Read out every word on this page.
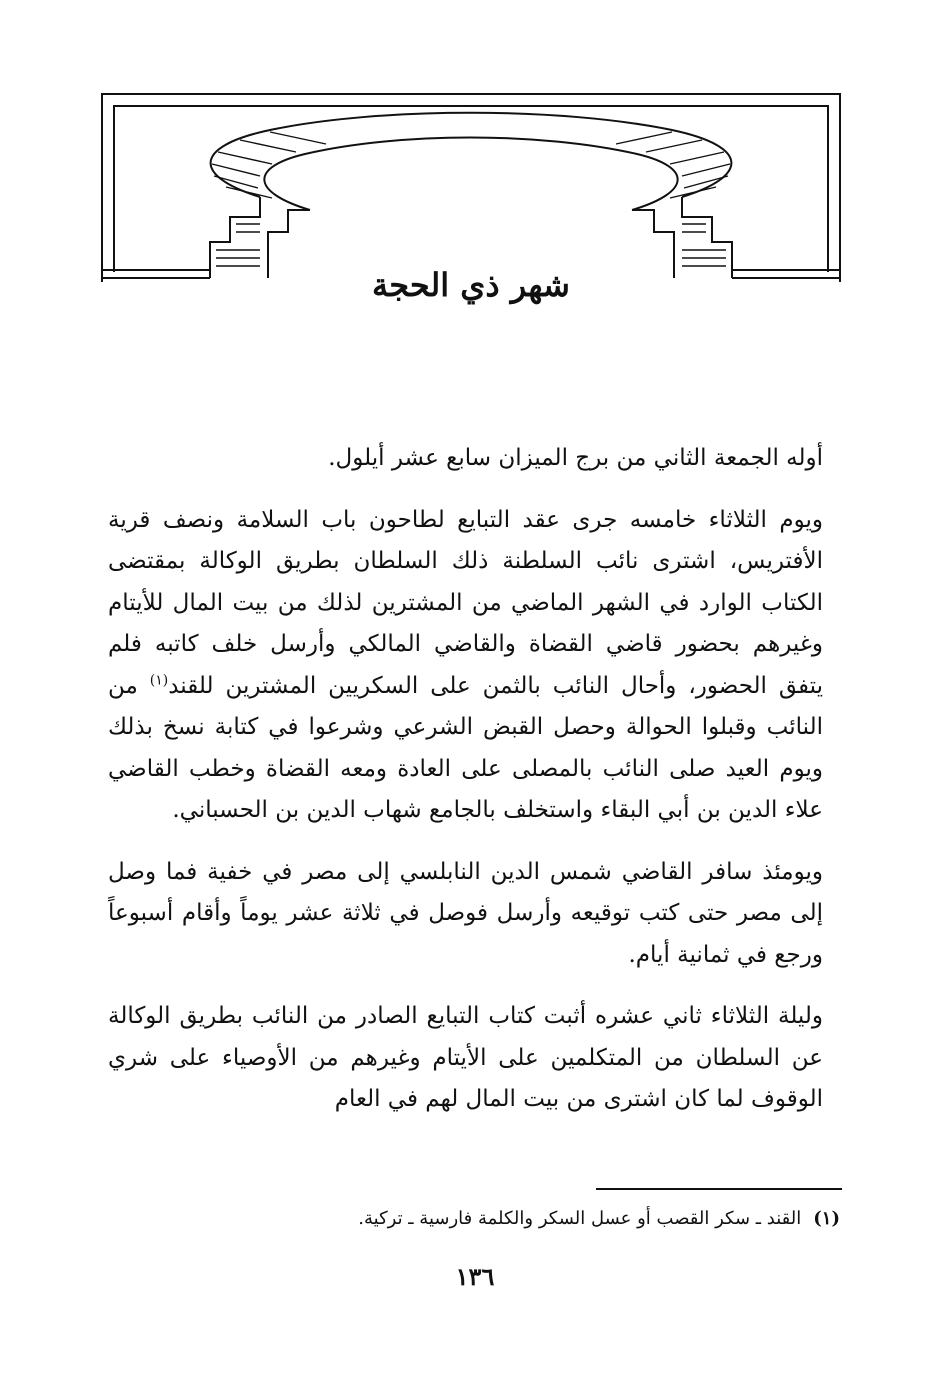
شهر ذي الحجة

أوله الجمعة الثاني من برج الميزان سابع عشر أيلول.

ويوم الثلاثاء خامسه جرى عقد التبايع لطاحون باب السلامة ونصف قرية الأفتريس، اشترى نائب السلطنة ذلك السلطان بطريق الوكالة بمقتضى الكتاب الوارد في الشهر الماضي من المشترين لذلك من بيت المال للأيتام وغيرهم بحضور قاضي القضاة والقاضي المالكي وأرسل خلف كاتبه فلم يتفق الحضور، وأحال النائب بالثمن على السكريين المشترين للقند$^{(١)}$ من النائب وقبلوا الحوالة وحصل القبض الشرعي وشرعوا في كتابة نسخ بذلك ويوم العيد صلى النائب بالمصلى على العادة ومعه القضاة وخطب القاضي علاء الدين بن أبي البقاء واستخلف بالجامع شهاب الدين بن الحسباني.

ويومئذ سافر القاضي شمس الدين النابلسي إلى مصر في خفية فما وصل إلى مصر حتى كتب توقيعه وأرسل فوصل في ثلاثة عشر يوماً وأقام أسبوعاً ورجع في ثمانية أيام.

وليلة الثلاثاء ثاني عشره أثبت كتاب التبايع الصادر من النائب بطريق الوكالة عن السلطان من المتكلمين على الأيتام وغيرهم من الأوصياء على شري الوقوف لما كان اشترى من بيت المال لهم في العام

(١)القند ـ سكر القصب أو عسل السكر والكلمة فارسية ـ تركية.
١٣٦
